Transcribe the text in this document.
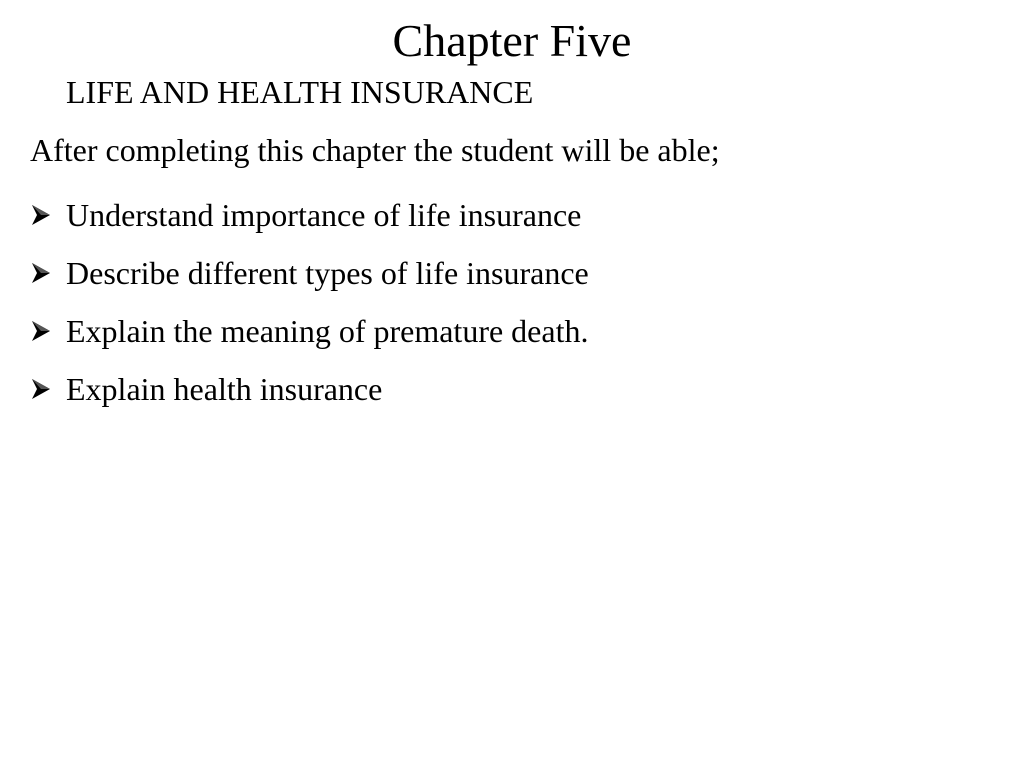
Chapter Five
LIFE AND HEALTH INSURANCE

After completing this chapter the student will be able;

Understand importance of life insurance
Describe different types of life insurance
Explain the meaning of premature death.
Explain health insurance
